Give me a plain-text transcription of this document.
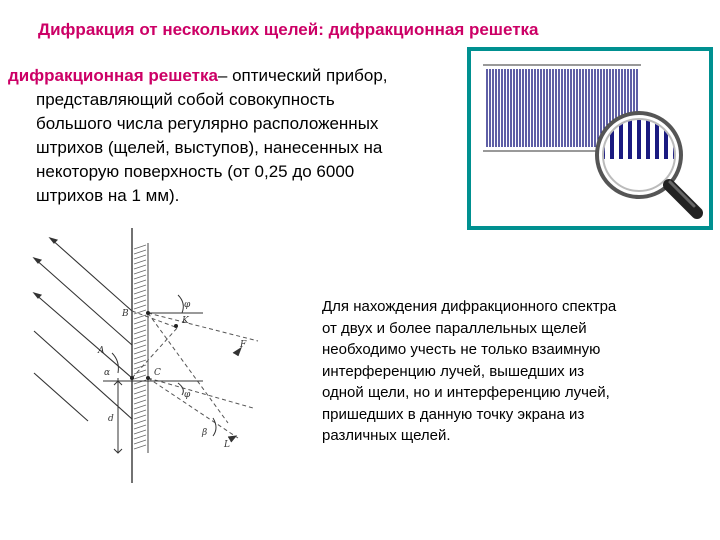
Дифракция от нескольких щелей: дифракционная решетка
дифракционная решетка– оптический прибор,
представляющий собой совокупность
большого числа регулярно расположенных
штрихов (щелей, выступов), нанесенных на
некоторую поверхность (от 0,25 до 6000
штрихов на 1 мм).
B
A
C
K
F
L
α
β
φ
φ
d
Для нахождения дифракционного спектра
от двух и более параллельных щелей
необходимо учесть не только взаимную
интерференцию лучей, вышедших из
одной щели, но и интерференцию лучей,
пришедших в данную точку экрана из
различных щелей.
